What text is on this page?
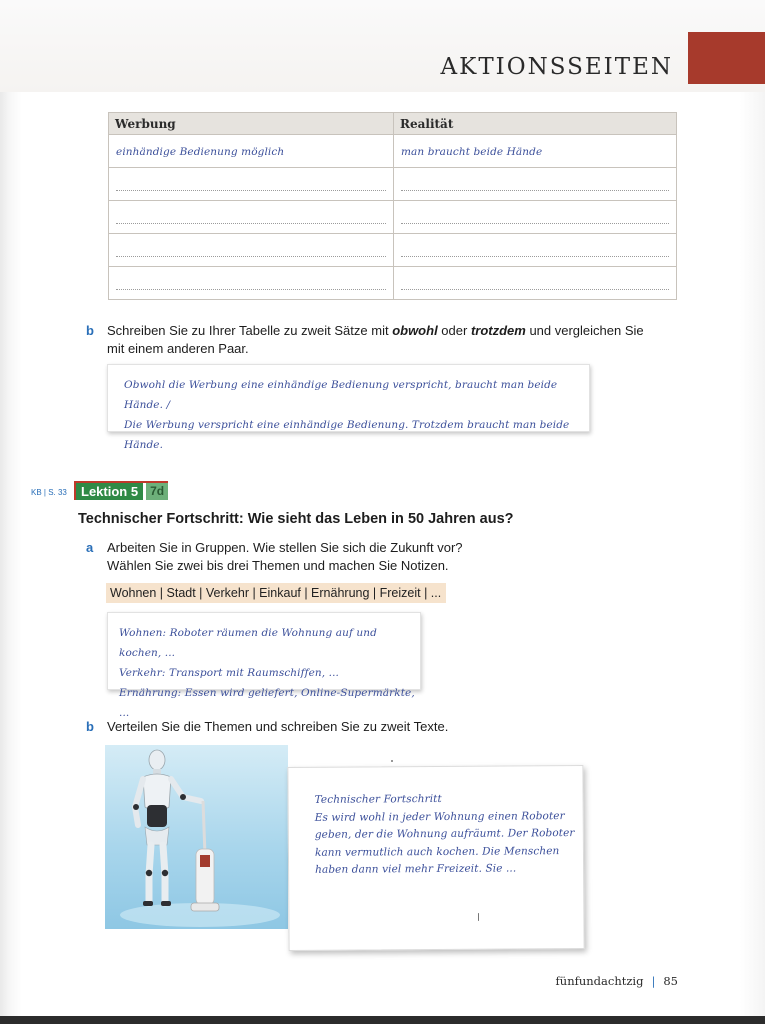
AKTIONSSEITEN
Werbung	Realität
einhändige Bedienung möglich	man braucht beide Hände

b Schreiben Sie zu Ihrer Tabelle zu zweit Sätze mit obwohl oder trotzdem und vergleichen Sie mit einem anderen Paar.
Obwohl die Werbung eine einhändige Bedienung verspricht, braucht man beide Hände. /
Die Werbung verspricht eine einhändige Bedienung. Trotzdem braucht man beide Hände.
KB | S. 33	Lektion 5	7d
Technischer Fortschritt: Wie sieht das Leben in 50 Jahren aus?
a Arbeiten Sie in Gruppen. Wie stellen Sie sich die Zukunft vor?
Wählen Sie zwei bis drei Themen und machen Sie Notizen.
Wohnen | Stadt | Verkehr | Einkauf | Ernährung | Freizeit | ...
Wohnen: Roboter räumen die Wohnung auf und kochen, ...
Verkehr: Transport mit Raumschiffen, ...
Ernährung: Essen wird geliefert, Online-Supermärkte, ...
b Verteilen Sie die Themen und schreiben Sie zu zweit Texte.
Technischer Fortschritt
Es wird wohl in jeder Wohnung einen Roboter
geben, der die Wohnung aufräumt. Der Roboter
kann vermutlich auch kochen. Die Menschen
haben dann viel mehr Freizeit. Sie ...
fünfundachtzig | 85
